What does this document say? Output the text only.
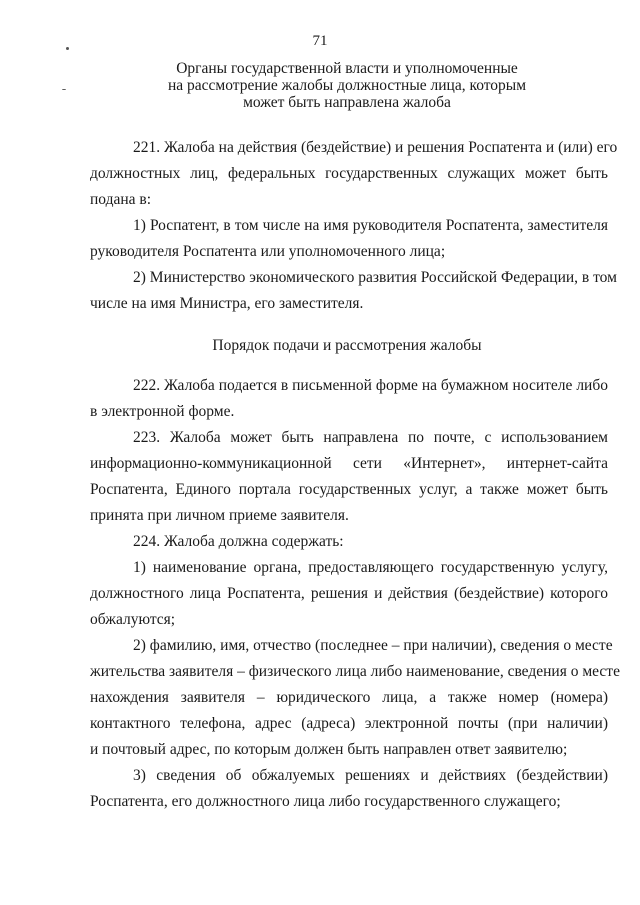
71
Органы государственной власти и уполномоченные
на рассмотрение жалобы должностные лица, которым
может быть направлена жалоба
221. Жалоба на действия (бездействие) и решения Роспатента и (или) его
должностных лиц, федеральных государственных служащих может быть
подана в:
1) Роспатент, в том числе на имя руководителя Роспатента, заместителя
руководителя Роспатента или уполномоченного лица;
2) Министерство экономического развития Российской Федерации, в том
числе на имя Министра, его заместителя.
Порядок подачи и рассмотрения жалобы
222. Жалоба подается в письменной форме на бумажном носителе либо
в электронной форме.
223. Жалоба может быть направлена по почте, с использованием
информационно-коммуникационной сети «Интернет», интернет-сайта
Роспатента, Единого портала государственных услуг, а также может быть
принята при личном приеме заявителя.
224. Жалоба должна содержать:
1) наименование органа, предоставляющего государственную услугу,
должностного лица Роспатента, решения и действия (бездействие) которого
обжалуются;
2) фамилию, имя, отчество (последнее – при наличии), сведения о месте
жительства заявителя – физического лица либо наименование, сведения о месте
нахождения заявителя – юридического лица, а также номер (номера)
контактного телефона, адрес (адреса) электронной почты (при наличии)
и почтовый адрес, по которым должен быть направлен ответ заявителю;
3) сведения об обжалуемых решениях и действиях (бездействии)
Роспатента, его должностного лица либо государственного служащего;
